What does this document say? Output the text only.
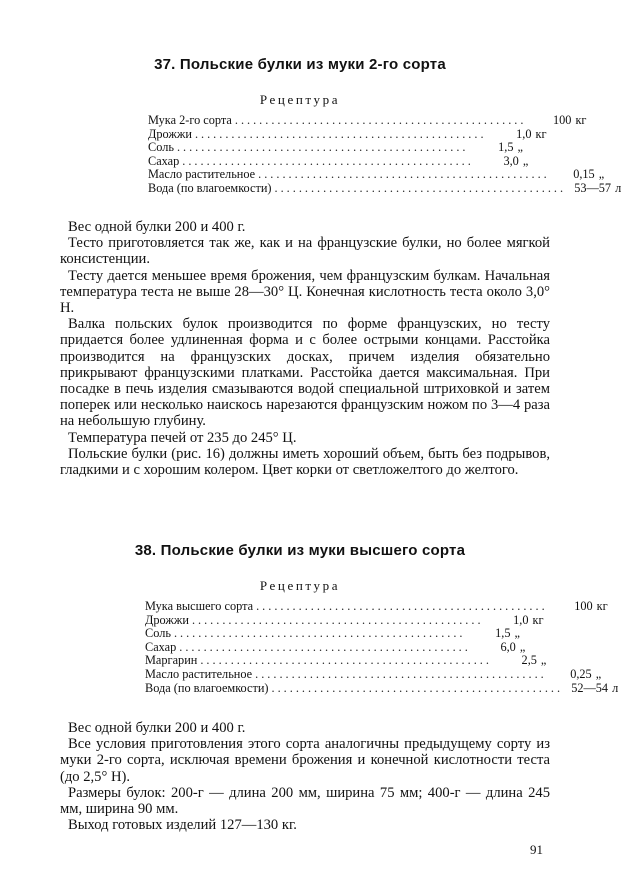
37. Польские булки из муки 2-го сорта
Рецептура
Мука 2-го сорта ................................................	100 кг
Дрожжи ................................................	1,0 кг
Соль ................................................	1,5 „
Сахар ................................................	3,0 „
Масло растительное ................................................	0,15 „
Вода (по влагоемкости) ................................................ 53—57 л

Вес одной булки 200 и 400 г.

Тесто приготовляется так же, как и на французские булки, но более мягкой консистенции.

Тесту дается меньшее время брожения, чем французским булкам. Начальная температура теста не выше 28—30° Ц. Конечная кислотность теста около 3,0° Н.

Валка польских булок производится по форме французских, но тесту придается более удлиненная форма и с более острыми концами. Расстойка производится на французских досках, причем изделия обязательно прикрывают французскими платками. Расстойка дается максимальная. При посадке в печь изделия смазываются водой специальной штриховкой и затем поперек или несколько наискось нарезаются французским ножом по 3—4 раза на небольшую глубину.

Температура печей от 235 до 245° Ц.

Польские булки (рис. 16) должны иметь хороший объем, быть без подрывов, гладкими и с хорошим колером. Цвет корки от светложелтого до желтого.

38. Польские булки из муки высшего сорта
Рецептура
Мука высшего сорта ................................................	100 кг
Дрожжи ................................................	1,0 кг
Соль ................................................	1,5 „
Сахар ................................................	6,0 „
Маргарин ................................................	2,5 „
Масло растительное ................................................	0,25 „
Вода (по влагоемкости) ................................................ 52—54 л

Вес одной булки 200 и 400 г.

Все условия приготовления этого сорта аналогичны предыдущему сорту из муки 2-го сорта, исключая времени брожения и конечной кислотности теста (до 2,5° Н).

Размеры булок: 200-г — длина 200 мм, ширина 75 мм; 400-г — длина 245 мм, ширина 90 мм.

Выход готовых изделий 127—130 кг.

91
